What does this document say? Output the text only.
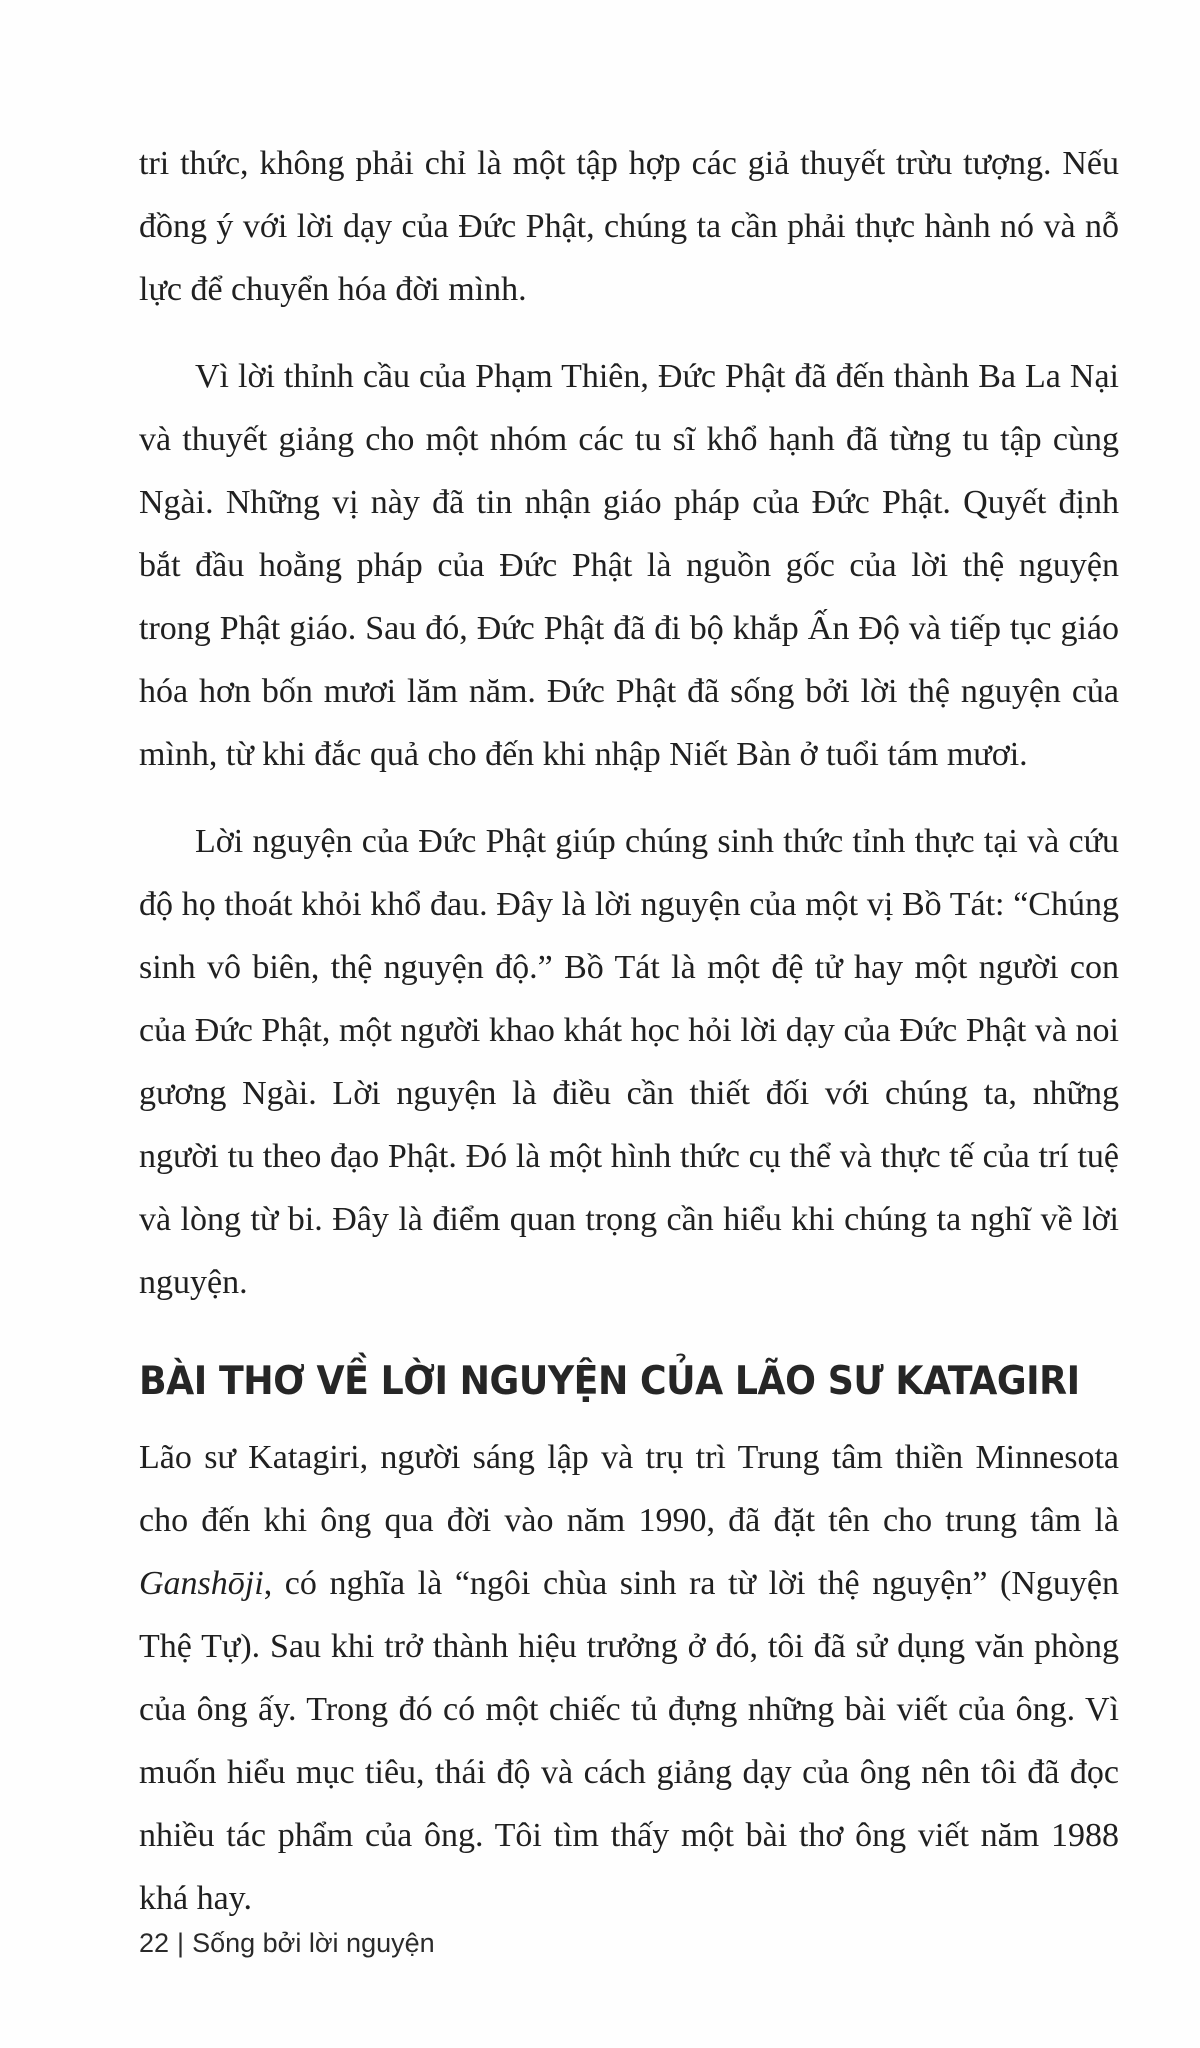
tri thức, không phải chỉ là một tập hợp các giả thuyết trừu tượng. Nếu đồng ý với lời dạy của Đức Phật, chúng ta cần phải thực hành nó và nỗ lực để chuyển hóa đời mình.

Vì lời thỉnh cầu của Phạm Thiên, Đức Phật đã đến thành Ba La Nại và thuyết giảng cho một nhóm các tu sĩ khổ hạnh đã từng tu tập cùng Ngài. Những vị này đã tin nhận giáo pháp của Đức Phật. Quyết định bắt đầu hoằng pháp của Đức Phật là nguồn gốc của lời thệ nguyện trong Phật giáo. Sau đó, Đức Phật đã đi bộ khắp Ấn Độ và tiếp tục giáo hóa hơn bốn mươi lăm năm. Đức Phật đã sống bởi lời thệ nguyện của mình, từ khi đắc quả cho đến khi nhập Niết Bàn ở tuổi tám mươi.

Lời nguyện của Đức Phật giúp chúng sinh thức tỉnh thực tại và cứu độ họ thoát khỏi khổ đau. Đây là lời nguyện của một vị Bồ Tát: “Chúng sinh vô biên, thệ nguyện độ.” Bồ Tát là một đệ tử hay một người con của Đức Phật, một người khao khát học hỏi lời dạy của Đức Phật và noi gương Ngài. Lời nguyện là điều cần thiết đối với chúng ta, những người tu theo đạo Phật. Đó là một hình thức cụ thể và thực tế của trí tuệ và lòng từ bi. Đây là điểm quan trọng cần hiểu khi chúng ta nghĩ về lời nguyện.

BÀI THƠ VỀ LỜI NGUYỆN CỦA LÃO SƯ KATAGIRI

Lão sư Katagiri, người sáng lập và trụ trì Trung tâm thiền Minnesota cho đến khi ông qua đời vào năm 1990, đã đặt tên cho trung tâm là Ganshōji, có nghĩa là “ngôi chùa sinh ra từ lời thệ nguyện” (Nguyện Thệ Tự). Sau khi trở thành hiệu trưởng ở đó, tôi đã sử dụng văn phòng của ông ấy. Trong đó có một chiếc tủ đựng những bài viết của ông. Vì muốn hiểu mục tiêu, thái độ và cách giảng dạy của ông nên tôi đã đọc nhiều tác phẩm của ông. Tôi tìm thấy một bài thơ ông viết năm 1988 khá hay.

22 | Sống bởi lời nguyện
